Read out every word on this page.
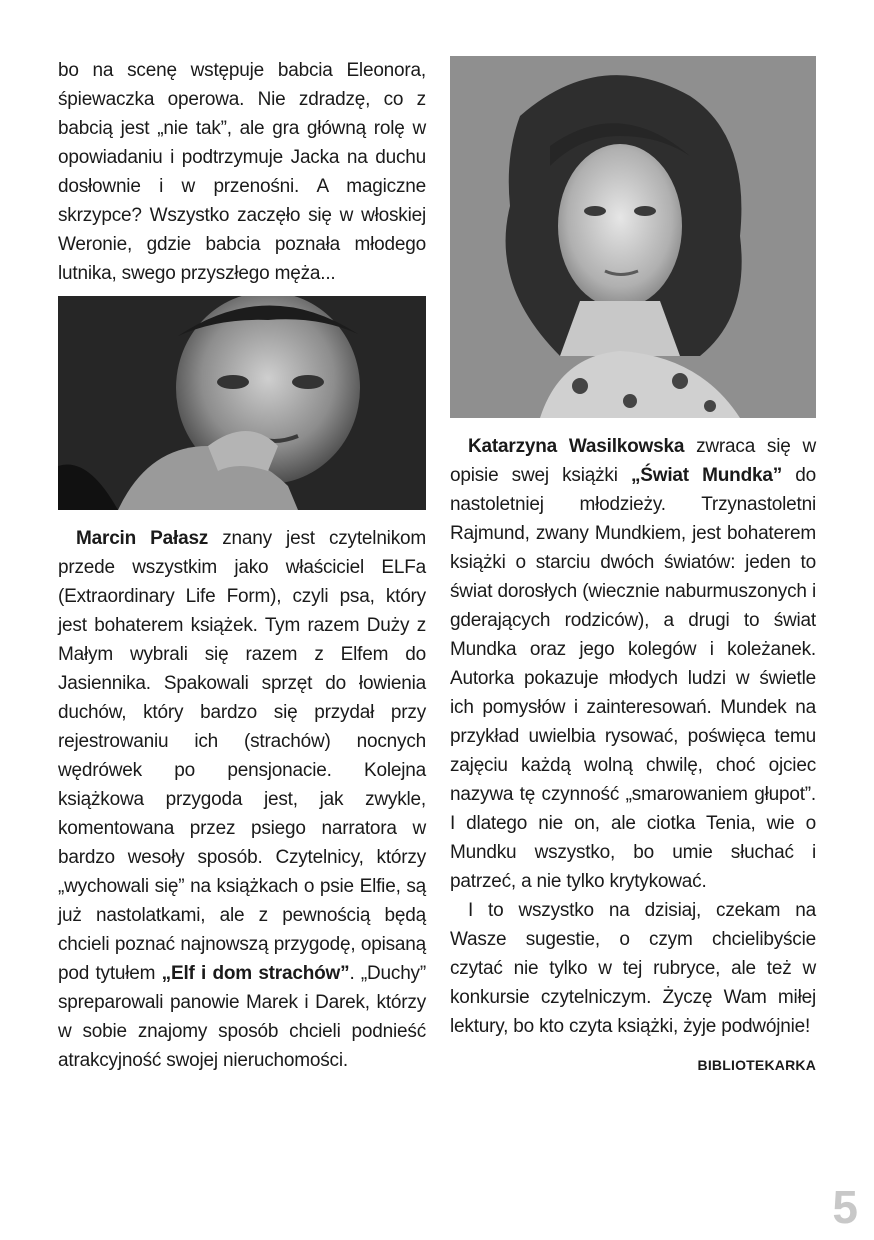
bo na scenę wstępuje babcia Eleonora, śpiewaczka operowa. Nie zdradzę, co z babcią jest „nie tak”, ale gra główną rolę w opowiadaniu i podtrzymuje Jacka na duchu dosłownie i w przenośni. A magiczne skrzypce? Wszystko zaczęło się w włoskiej Weronie, gdzie babcia poznała młodego lutnika, swego przyszłego męża...

Marcin Pałasz znany jest czytelnikom przede wszystkim jako właściciel ELFa (Extraordinary Life Form), czyli psa, który jest bohaterem książek. Tym razem Duży z Małym wybrali się razem z Elfem do Jasiennika. Spakowali sprzęt do łowienia duchów, który bardzo się przydał przy rejestrowaniu ich (strachów) nocnych wędrówek po pensjonacie. Kolejna książkowa przygoda jest, jak zwykle, komentowana przez psiego narratora w bardzo wesoły sposób. Czytelnicy, którzy „wychowali się” na książkach o psie Elfie, są już nastolatkami, ale z pewnością będą chcieli poznać najnowszą przygodę, opisaną pod tytułem „Elf i dom strachów”. „Duchy” spreparowali panowie Marek i Darek, którzy w sobie znajomy sposób chcieli podnieść atrakcyjność swojej nieruchomości.

Katarzyna Wasilkowska zwraca się w opisie swej książki „Świat Mundka” do nastoletniej młodzieży. Trzynastoletni Rajmund, zwany Mundkiem, jest bohaterem książki o starciu dwóch światów: jeden to świat dorosłych (wiecznie naburmuszonych i gderających rodziców), a drugi to świat Mundka oraz jego kolegów i koleżanek. Autorka pokazuje młodych ludzi w świetle ich pomysłów i zainteresowań. Mundek na przykład uwielbia rysować, poświęca temu zajęciu każdą wolną chwilę, choć ojciec nazywa tę czynność „smarowaniem głupot”. I dlatego nie on, ale ciotka Tenia, wie o Mundku wszystko, bo umie słuchać i patrzeć, a nie tylko krytykować.

I to wszystko na dzisiaj, czekam na Wasze sugestie, o czym chcielibyście czytać nie tylko w tej rubryce, ale też w konkursie czytelniczym. Życzę Wam miłej lektury, bo kto czyta książki, żyje podwójnie!

BIBLIOTEKARKA
5
